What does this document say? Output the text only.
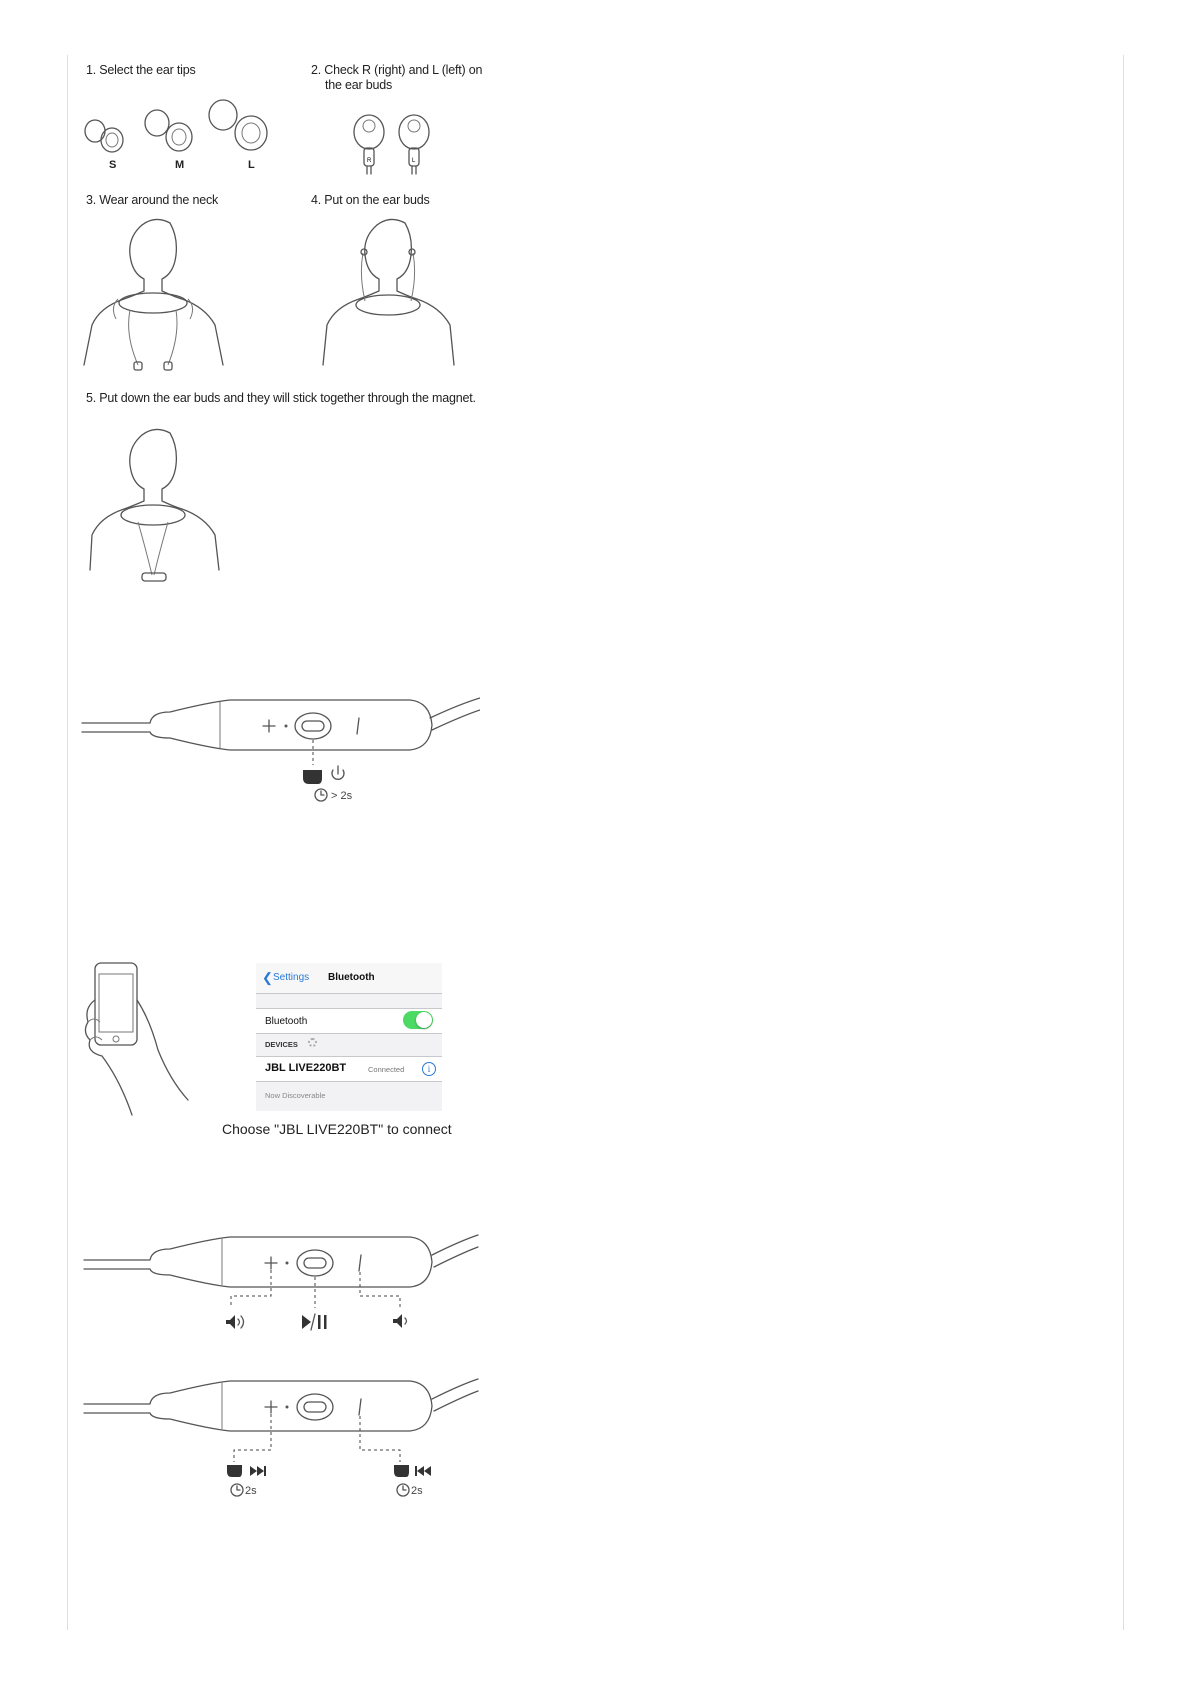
1. Select the ear tips	2. Check R (right) and L (left) on
the ear buds
3. Wear around the neck	4. Put on the ear buds
5. Put down the ear buds and they will stick together through the magnet.
S	M	L	R	L
> 2s
❮ Settings Bluetooth
Bluetooth
DEVICES
JBL LIVE220BT	Connected	i
Now Discoverable
Choose "JBL LIVE220BT" to connect
2s	2s
